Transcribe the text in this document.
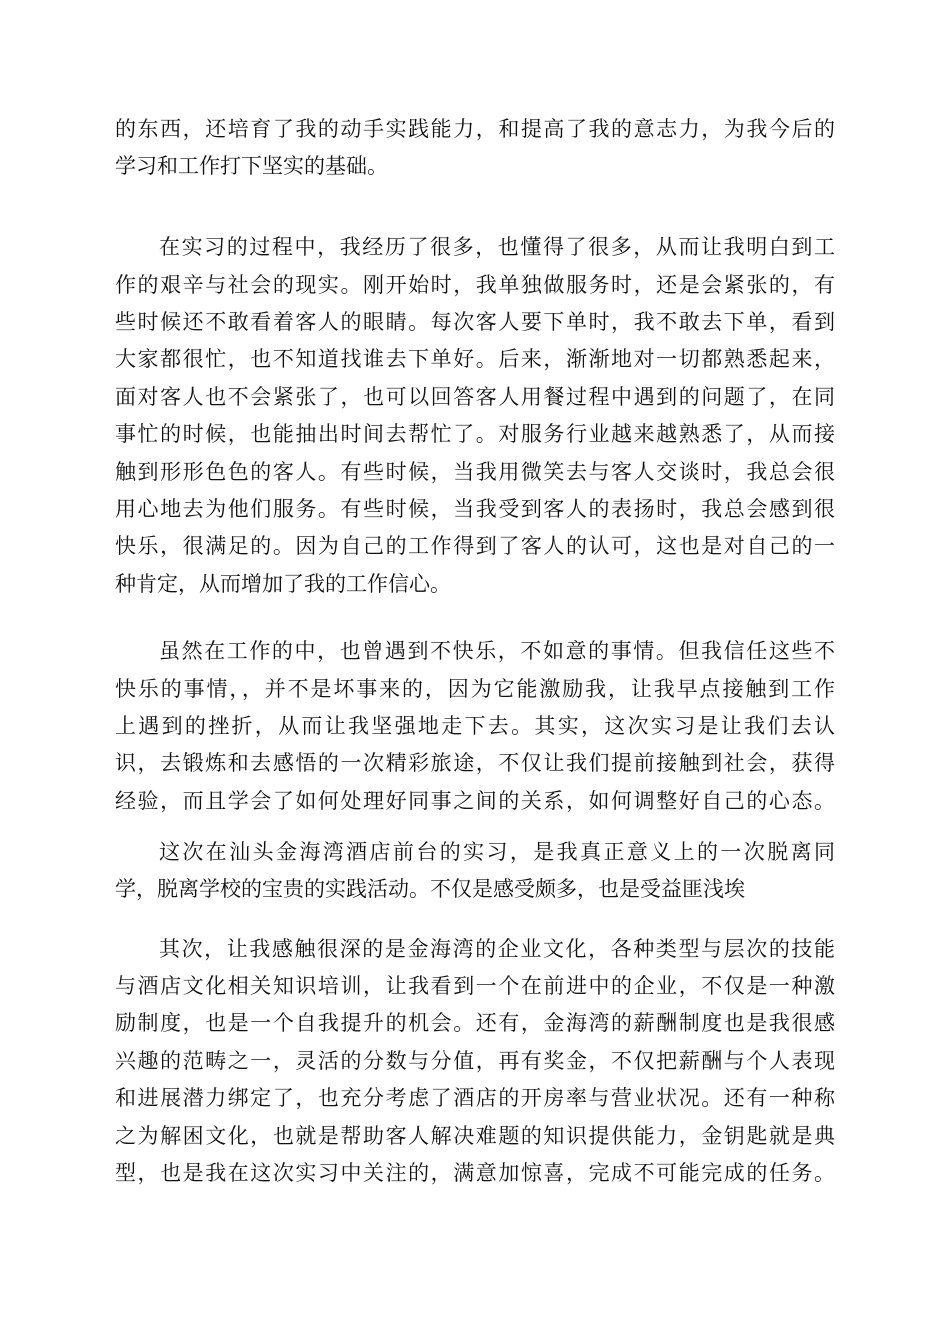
的东西，还培育了我的动手实践能力，和提高了我的意志力，为我今后的
学习和工作打下坚实的基础。
在实习的过程中，我经历了很多，也懂得了很多，从而让我明白到工
作的艰辛与社会的现实。刚开始时，我单独做服务时，还是会紧张的，有
些时候还不敢看着客人的眼睛。每次客人要下单时，我不敢去下单，看到
大家都很忙，也不知道找谁去下单好。后来，渐渐地对一切都熟悉起来，
面对客人也不会紧张了，也可以回答客人用餐过程中遇到的问题了，在同
事忙的时候，也能抽出时间去帮忙了。对服务行业越来越熟悉了，从而接
触到形形色色的客人。有些时候，当我用微笑去与客人交谈时，我总会很
用心地去为他们服务。有些时候，当我受到客人的表扬时，我总会感到很
快乐，很满足的。因为自己的工作得到了客人的认可，这也是对自己的一
种肯定，从而增加了我的工作信心。
虽然在工作的中，也曾遇到不快乐，不如意的事情。但我信任这些不
快乐的事情，，并不是坏事来的，因为它能激励我，让我早点接触到工作
上遇到的挫折，从而让我坚强地走下去。其实，这次实习是让我们去认
识，去锻炼和去感悟的一次精彩旅途，不仅让我们提前接触到社会，获得
经验，而且学会了如何处理好同事之间的关系，如何调整好自己的心态。
这次在汕头金海湾酒店前台的实习，是我真正意义上的一次脱离同
学，脱离学校的宝贵的实践活动。不仅是感受颇多，也是受益匪浅埃
其次，让我感触很深的是金海湾的企业文化，各种类型与层次的技能
与酒店文化相关知识培训，让我看到一个在前进中的企业，不仅是一种激
励制度，也是一个自我提升的机会。还有，金海湾的薪酬制度也是我很感
兴趣的范畴之一，灵活的分数与分值，再有奖金，不仅把薪酬与个人表现
和进展潜力绑定了，也充分考虑了酒店的开房率与营业状况。还有一种称
之为解困文化，也就是帮助客人解决难题的知识提供能力，金钥匙就是典
型，也是我在这次实习中关注的，满意加惊喜，完成不可能完成的任务。
